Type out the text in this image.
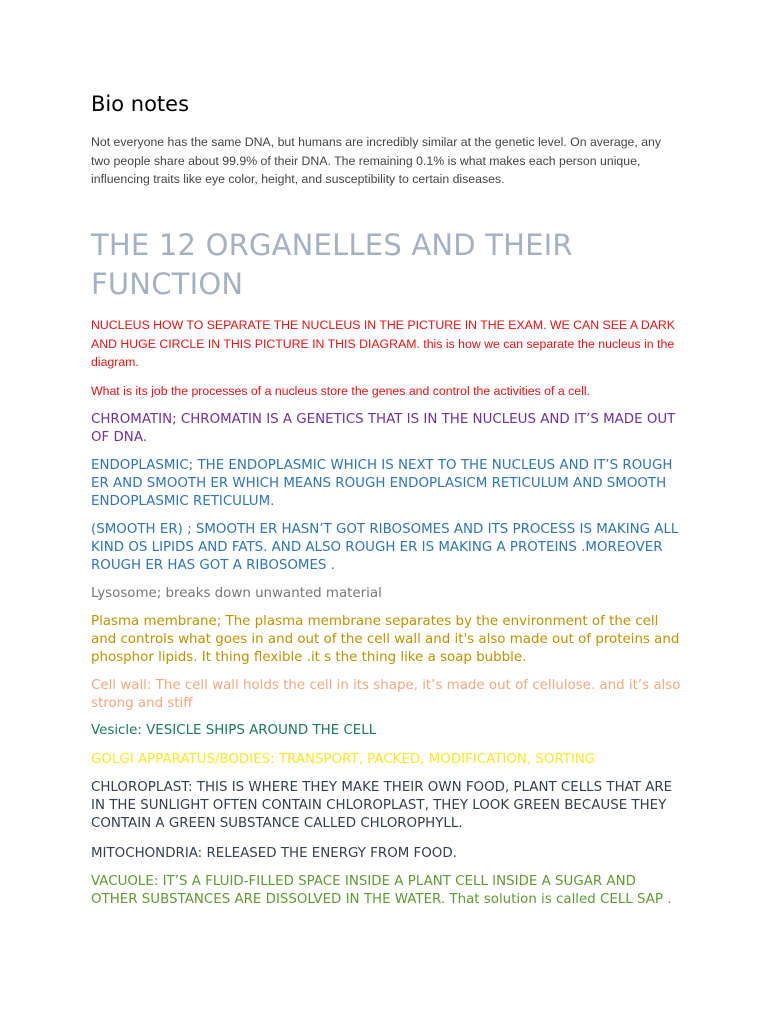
Bio notes
Not everyone has the same DNA, but humans are incredibly similar at the genetic level. On average, any two people share about 99.9% of their DNA. The remaining 0.1% is what makes each person unique, influencing traits like eye color, height, and susceptibility to certain diseases.
THE 12 ORGANELLES AND THEIR FUNCTION

NUCLEUS HOW TO SEPARATE THE NUCLEUS IN THE PICTURE IN THE EXAM. WE CAN SEE A DARK AND HUGE CIRCLE IN THIS PICTURE IN THIS DIAGRAM. this is how we can separate the nucleus in the diagram.

What is its job the processes of a nucleus store the genes and control the activities of a cell.

CHROMATIN; CHROMATIN IS A GENETICS THAT IS IN THE NUCLEUS AND IT’S MADE OUT OF DNA.

ENDOPLASMIC; THE ENDOPLASMIC WHICH IS NEXT TO THE NUCLEUS AND IT’S ROUGH ER AND SMOOTH ER WHICH MEANS ROUGH ENDOPLASICM RETICULUM AND SMOOTH ENDOPLASMIC RETICULUM.

(SMOOTH ER) ; SMOOTH ER HASN’T GOT RIBOSOMES AND ITS PROCESS IS MAKING ALL KIND OS LIPIDS AND FATS. AND ALSO ROUGH ER IS MAKING A PROTEINS .MOREOVER ROUGH ER HAS GOT A RIBOSOMES .

Lysosome; breaks down unwanted material

Plasma membrane; The plasma membrane separates by the environment of the cell and controls what goes in and out of the cell wall and it's also made out of proteins and phosphor lipids. It thing flexible .it s the thing like a soap bubble.

Cell wall: The cell wall holds the cell in its shape, it’s made out of cellulose. and it’s also strong and stiff

Vesicle: VESICLE SHIPS AROUND THE CELL

GOLGI APPARATUS/BODIES: TRANSPORT, PACKED, MODIFICATION, SORTING

CHLOROPLAST: THIS IS WHERE THEY MAKE THEIR OWN FOOD, PLANT CELLS THAT ARE IN THE SUNLIGHT OFTEN CONTAIN CHLOROPLAST, THEY LOOK GREEN BECAUSE THEY CONTAIN A GREEN SUBSTANCE CALLED CHLOROPHYLL.

MITOCHONDRIA: RELEASED THE ENERGY FROM FOOD.

VACUOLE: IT’S A FLUID-FILLED SPACE INSIDE A PLANT CELL INSIDE A SUGAR AND OTHER SUBSTANCES ARE DISSOLVED IN THE WATER. That solution is called CELL SAP .
